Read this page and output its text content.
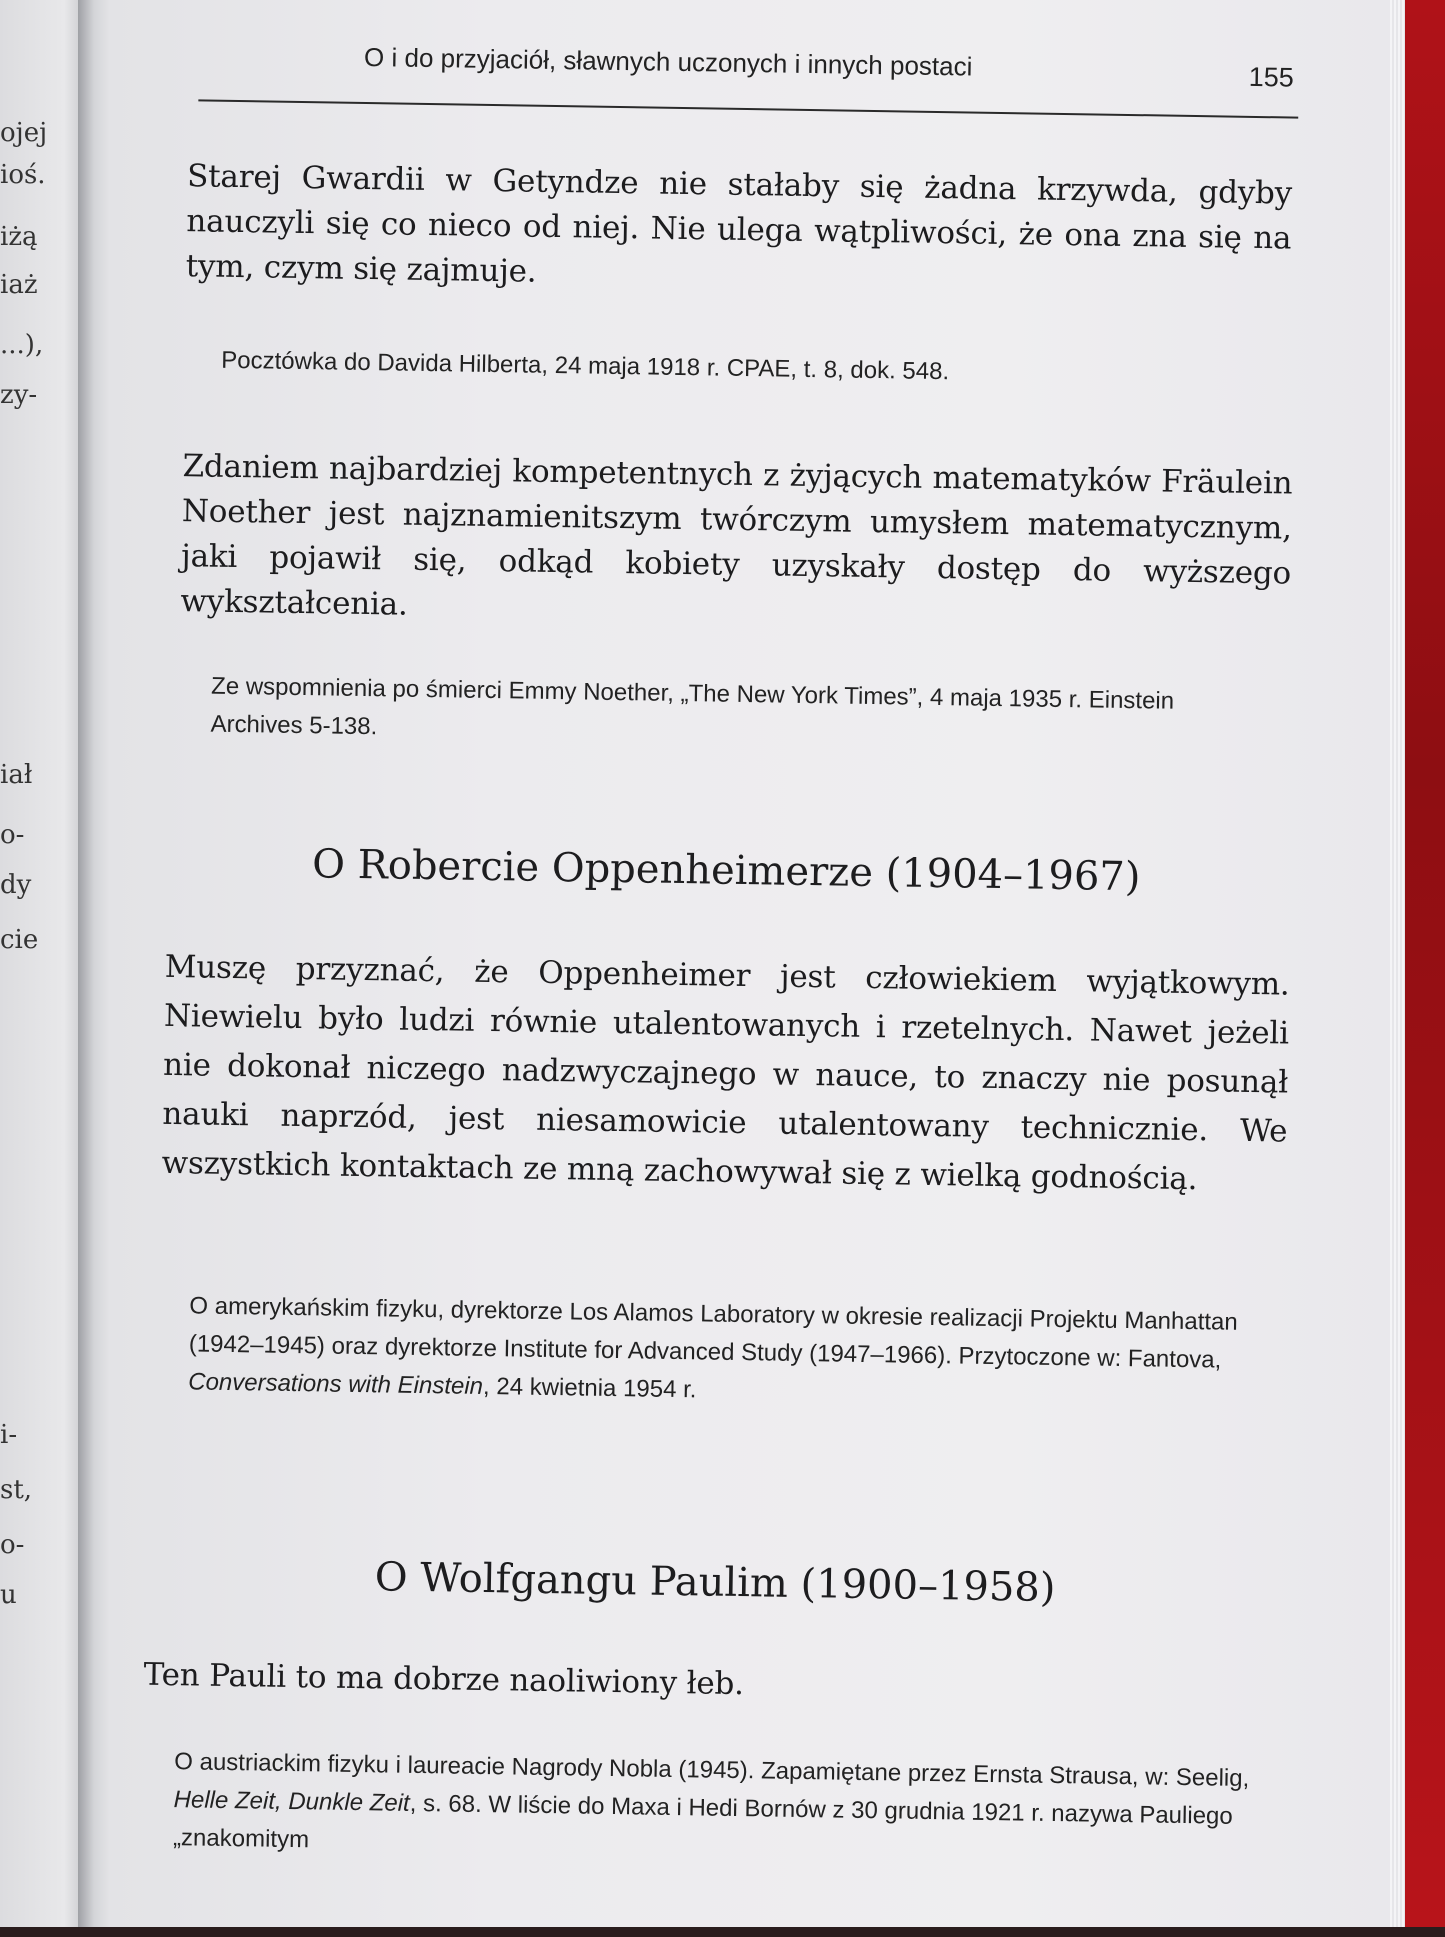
ojej
ioś.
iżą
iaż
...),
zy-
iał
o-
dy
cie
i-
st,
o-
u
O i do przyjaciół, sławnych uczonych i innych postaci	155
Starej Gwardii w Getyndze nie stałaby się żadna krzywda, gdyby nauczyli się co nieco od niej. Nie ulega wątpliwości, że ona zna się na tym, czym się zajmuje.
Pocztówka do Davida Hilberta, 24 maja 1918 r. CPAE, t. 8, dok. 548.
Zdaniem najbardziej kompetentnych z żyjących matematyków Fräulein Noether jest najznamienitszym twórczym umysłem matematycznym, jaki pojawił się, odkąd kobiety uzyskały dostęp do wyższego wykształcenia.
Ze wspomnienia po śmierci Emmy Noether, „The New York Times”, 4 maja 1935 r. Einstein Archives 5-138.
O Robercie Oppenheimerze (1904–1967)
Muszę przyznać, że Oppenheimer jest człowiekiem wyjątkowym. Niewielu było ludzi równie utalentowanych i rzetelnych. Nawet jeżeli nie dokonał niczego nadzwyczajnego w nauce, to znaczy nie posunął nauki naprzód, jest niesamowicie utalentowany technicznie. We wszystkich kontaktach ze mną zachowywał się z wielką godnością.
O amerykańskim fizyku, dyrektorze Los Alamos Laboratory w okresie realizacji Projektu Manhattan (1942–1945) oraz dyrektorze Institute for Advanced Study (1947–1966). Przytoczone w: Fantova, Conversations with Einstein, 24 kwietnia 1954 r.
O Wolfgangu Paulim (1900–1958)
Ten Pauli to ma dobrze naoliwiony łeb.
O austriackim fizyku i laureacie Nagrody Nobla (1945). Zapamiętane przez Ernsta Strausa, w: Seelig, Helle Zeit, Dunkle Zeit, s. 68. W liście do Maxa i Hedi Bornów z 30 grudnia 1921 r. nazywa Pauliego „znakomitym
